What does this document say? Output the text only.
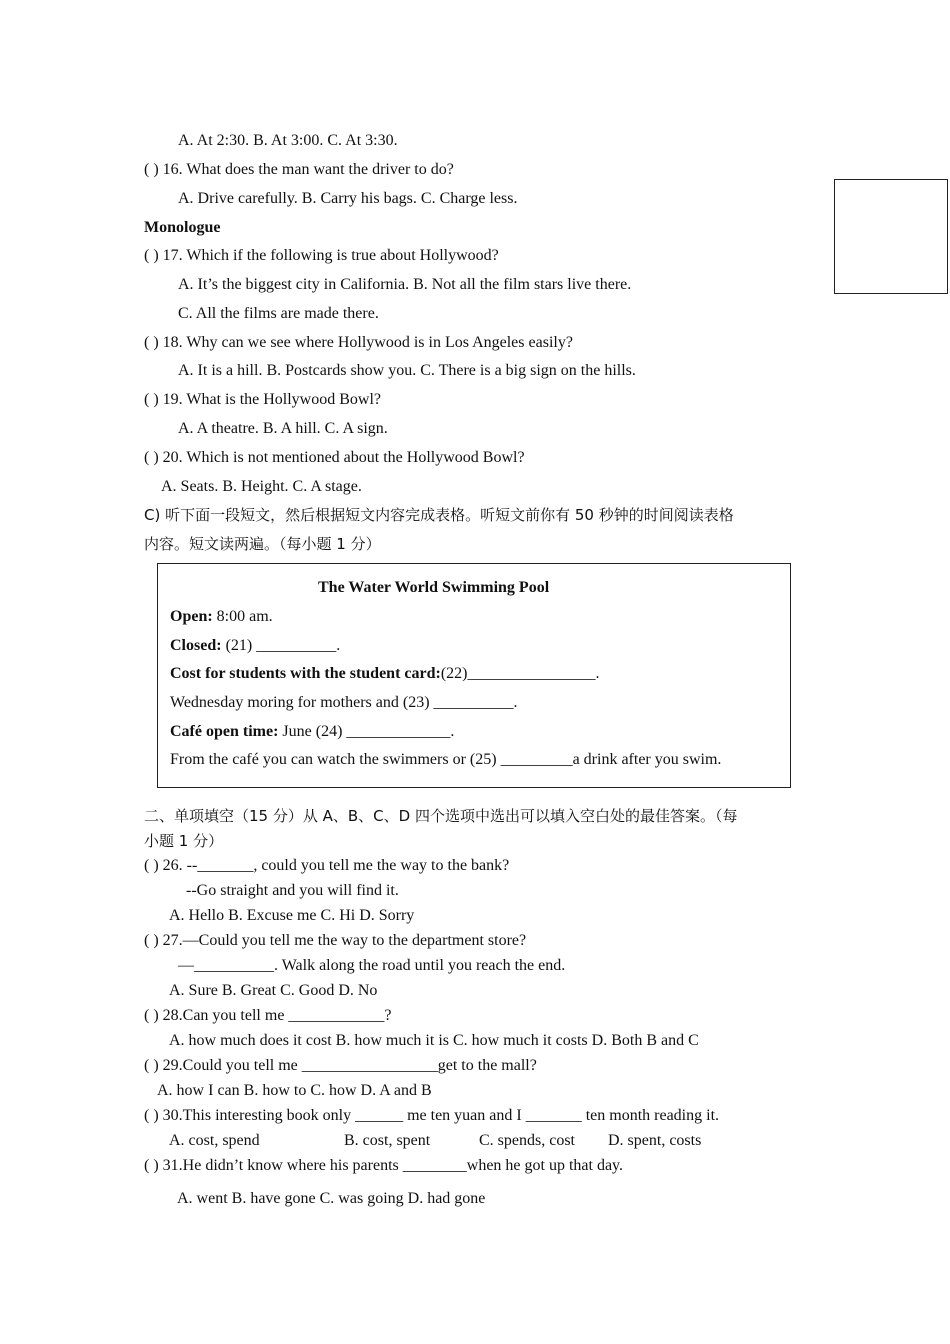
A. At 2:30. B. At 3:00. C. At 3:30.
( ) 16. What does the man want the driver to do?
A. Drive carefully. B. Carry his bags. C. Charge less.
Monologue
( ) 17. Which if the following is true about Hollywood?
A. It’s the biggest city in California. B. Not all the film stars live there.
C. All the films are made there.
( ) 18. Why can we see where Hollywood is in Los Angeles easily?
A. It is a hill. B. Postcards show you. C. There is a big sign on the hills.
( ) 19. What is the Hollywood Bowl?
A. A theatre. B. A hill. C. A sign.
( ) 20. Which is not mentioned about the Hollywood Bowl?
A. Seats. B. Height. C. A stage.
C) 听下面一段短文，然后根据短文内容完成表格。听短文前你有 50 秒钟的时间阅读表格
内容。短文读两遍。（每小题 1 分）
The Water World Swimming Pool
Open: 8:00 am.
Closed: (21) __________.
Cost for students with the student card:(22)________________.
Wednesday moring for mothers and (23) __________.
Café open time: June (24) _____________.
From the café you can watch the swimmers or (25) _________a drink after you swim.
二、单项填空（15 分）从 A、B、C、D 四个选项中选出可以填入空白处的最佳答案。（每
小题 1 分）
( ) 26. --_______, could you tell me the way to the bank?
--Go straight and you will find it.
A. Hello B. Excuse me C. Hi D. Sorry
( ) 27.—Could you tell me the way to the department store?
—__________. Walk along the road until you reach the end.
A. Sure B. Great C. Good D. No
( ) 28.Can you tell me ____________?
A. how much does it cost B. how much it is C. how much it costs D. Both B and C
( ) 29.Could you tell me _________________get to the mall?
A. how I can B. how to C. how D. A and B
( ) 30.This interesting book only ______ me ten yuan and I _______ ten month reading it.
A. cost, spend	B. cost, spent	C. spends, cost D. spent, costs
( ) 31.He didn’t know where his parents ________when he got up that day.
A. went B. have gone C. was going D. had gone
